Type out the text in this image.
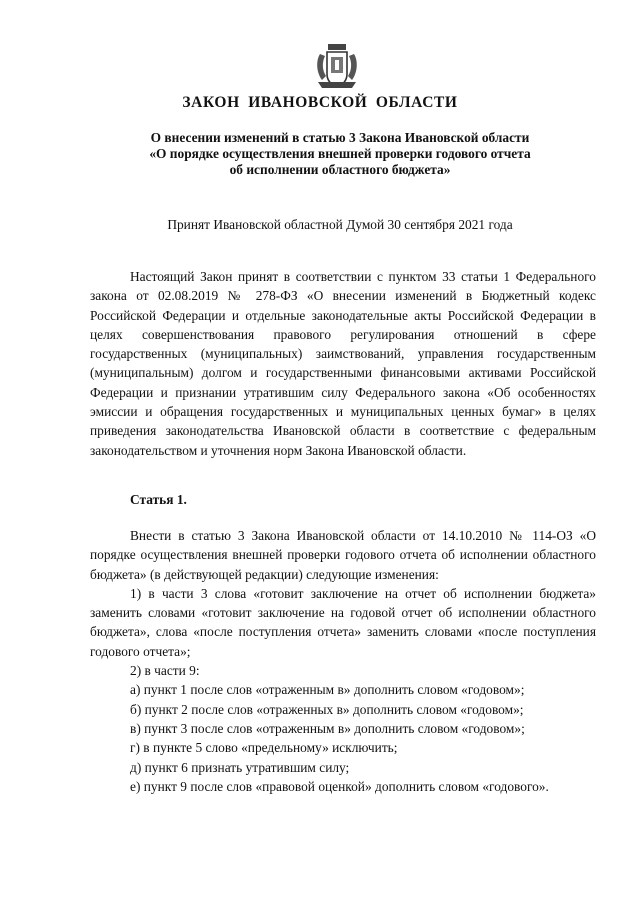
ЗАКОН ИВАНОВСКОЙ ОБЛАСТИ
О внесении изменений в статью 3 Закона Ивановской области
«О порядке осуществления внешней проверки годового отчета
об исполнении областного бюджета»
Принят Ивановской областной Думой 30 сентября 2021 года

Настоящий Закон принят в соответствии с пунктом 33 статьи 1 Федерального закона от 02.08.2019 № 278-ФЗ «О внесении изменений в Бюджетный кодекс Российской Федерации и отдельные законодательные акты Российской Федерации в целях совершенствования правового регулирования отношений в сфере государственных (муниципальных) заимствований, управления государственным (муниципальным) долгом и государственными финансовыми активами Российской Федерации и признании утратившим силу Федерального закона «Об особенностях эмиссии и обращения государственных и муниципальных ценных бумаг» в целях приведения законодательства Ивановской области в соответствие с федеральным законодательством и уточнения норм Закона Ивановской области.

Статья 1.

Внести в статью 3 Закона Ивановской области от 14.10.2010 № 114-ОЗ «О порядке осуществления внешней проверки годового отчета об исполнении областного бюджета» (в действующей редакции) следующие изменения:

1) в части 3 слова «готовит заключение на отчет об исполнении бюджета» заменить словами «готовит заключение на годовой отчет об исполнении областного бюджета», слова «после поступления отчета» заменить словами «после поступления годового отчета»;

2) в части 9:

а) пункт 1 после слов «отраженным в» дополнить словом «годовом»;

б) пункт 2 после слов «отраженных в» дополнить словом «годовом»;

в) пункт 3 после слов «отраженным в» дополнить словом «годовом»;

г) в пункте 5 слово «предельному» исключить;

д) пункт 6 признать утратившим силу;

е) пункт 9 после слов «правовой оценкой» дополнить словом «годового».
